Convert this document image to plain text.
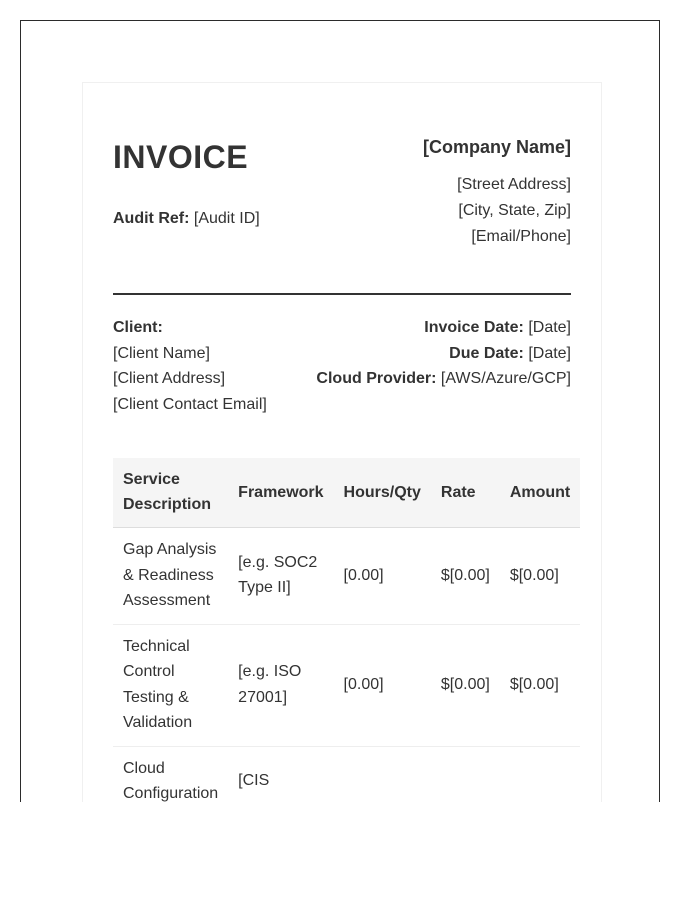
INVOICE
Audit Ref: [Audit ID]
[Company Name]
[Street Address]
[City, State, Zip]
[Email/Phone]
Client:
[Client Name]
[Client Address]
[Client Contact Email]
Invoice Date: [Date]
Due Date: [Date]
Cloud Provider: [AWS/Azure/GCP]
Service Description	Framework	Hours/Qty	Rate	Amount
Gap Analysis & Readiness Assessment	[e.g. SOC2 Type II]	[0.00]	$[0.00]	$[0.00]
Technical Control Testing & Validation	[e.g. ISO 27001]	[0.00]	$[0.00]	$[0.00]
Cloud Configuration	[CIS			
